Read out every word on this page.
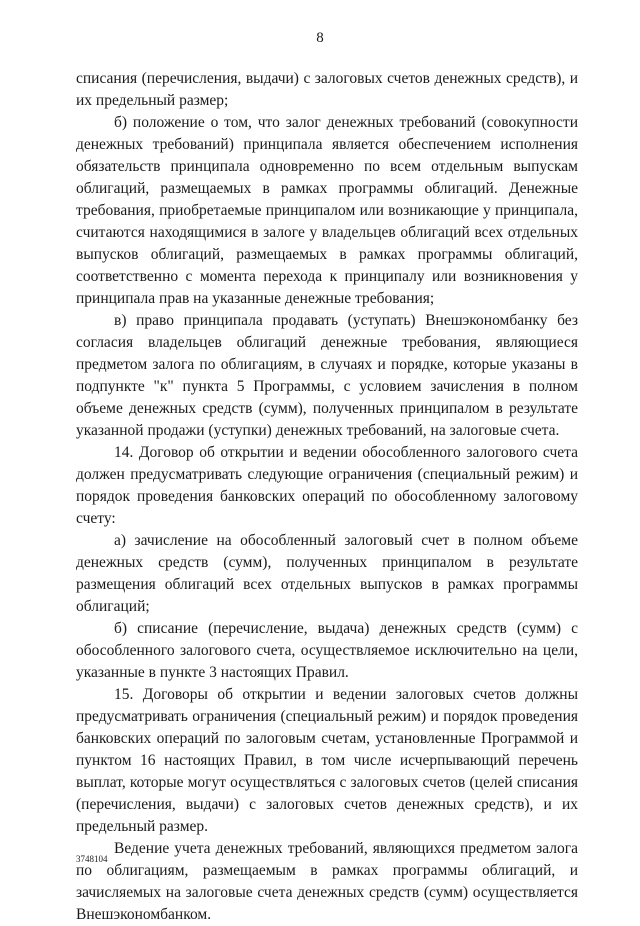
8

списания (перечисления, выдачи) с залоговых счетов денежных средств), и их предельный размер;

б) положение о том, что залог денежных требований (совокупности денежных требований) принципала является обеспечением исполнения обязательств принципала одновременно по всем отдельным выпускам облигаций, размещаемых в рамках программы облигаций. Денежные требования, приобретаемые принципалом или возникающие у принципала, считаются находящимися в залоге у владельцев облигаций всех отдельных выпусков облигаций, размещаемых в рамках программы облигаций, соответственно с момента перехода к принципалу или возникновения у принципала прав на указанные денежные требования;

в) право принципала продавать (уступать) Внешэкономбанку без согласия владельцев облигаций денежные требования, являющиеся предметом залога по облигациям, в случаях и порядке, которые указаны в подпункте "к" пункта 5 Программы, с условием зачисления в полном объеме денежных средств (сумм), полученных принципалом в результате указанной продажи (уступки) денежных требований, на залоговые счета.

14. Договор об открытии и ведении обособленного залогового счета должен предусматривать следующие ограничения (специальный режим) и порядок проведения банковских операций по обособленному залоговому счету:

а) зачисление на обособленный залоговый счет в полном объеме денежных средств (сумм), полученных принципалом в результате размещения облигаций всех отдельных выпусков в рамках программы облигаций;

б) списание (перечисление, выдача) денежных средств (сумм) с обособленного залогового счета, осуществляемое исключительно на цели, указанные в пункте 3 настоящих Правил.

15. Договоры об открытии и ведении залоговых счетов должны предусматривать ограничения (специальный режим) и порядок проведения банковских операций по залоговым счетам, установленные Программой и пунктом 16 настоящих Правил, в том числе исчерпывающий перечень выплат, которые могут осуществляться с залоговых счетов (целей списания (перечисления, выдачи) с залоговых счетов денежных средств), и их предельный размер.

Ведение учета денежных требований, являющихся предметом залога по облигациям, размещаемым в рамках программы облигаций, и зачисляемых на залоговые счета денежных средств (сумм) осуществляется Внешэкономбанком.

3748104
